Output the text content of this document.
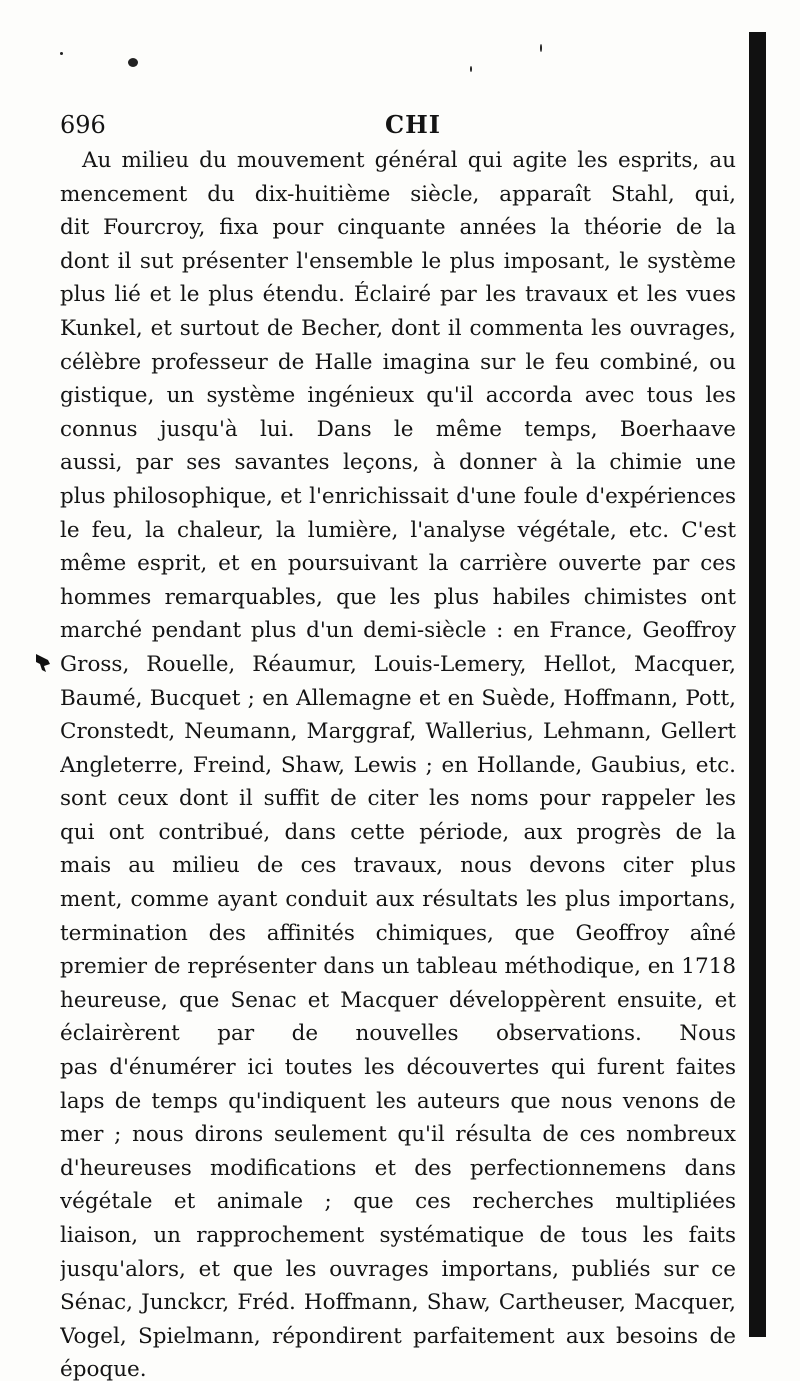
696	CHI
Au milieu du mouvement général qui agite les esprits, au
mencement du dix-huitième siècle, apparaît Stahl, qui,
dit Fourcroy, fixa pour cinquante années la théorie de la
dont il sut présenter l'ensemble le plus imposant, le système
plus lié et le plus étendu. Éclairé par les travaux et les vues
Kunkel, et surtout de Becher, dont il commenta les ouvrages,
célèbre professeur de Halle imagina sur le feu combiné, ou
gistique, un système ingénieux qu'il accorda avec tous les
connus jusqu'à lui. Dans le même temps, Boerhaave
aussi, par ses savantes leçons, à donner à la chimie une
plus philosophique, et l'enrichissait d'une foule d'expériences
le feu, la chaleur, la lumière, l'analyse végétale, etc. C'est
même esprit, et en poursuivant la carrière ouverte par ces
hommes remarquables, que les plus habiles chimistes ont
marché pendant plus d'un demi-siècle : en France, Geoffroy
Gross, Rouelle, Réaumur, Louis-Lemery, Hellot, Macquer,
Baumé, Bucquet ; en Allemagne et en Suède, Hoffmann, Pott,
Cronstedt, Neumann, Marggraf, Wallerius, Lehmann, Gellert
Angleterre, Freind, Shaw, Lewis ; en Hollande, Gaubius, etc.
sont ceux dont il suffit de citer les noms pour rappeler les
qui ont contribué, dans cette période, aux progrès de la
mais au milieu de ces travaux, nous devons citer plus
ment, comme ayant conduit aux résultats les plus importans,
termination des affinités chimiques, que Geoffroy aîné
premier de représenter dans un tableau méthodique, en 1718
heureuse, que Senac et Macquer développèrent ensuite, et
éclairèrent par de nouvelles observations. Nous
pas d'énumérer ici toutes les découvertes qui furent faites
laps de temps qu'indiquent les auteurs que nous venons de
mer ; nous dirons seulement qu'il résulta de ces nombreux
d'heureuses modifications et des perfectionnemens dans
végétale et animale ; que ces recherches multipliées
liaison, un rapprochement systématique de tous les faits
jusqu'alors, et que les ouvrages importans, publiés sur ce
Sénac, Junckcr, Fréd. Hoffmann, Shaw, Cartheuser, Macquer,
Vogel, Spielmann, répondirent parfaitement aux besoins de
époque.
